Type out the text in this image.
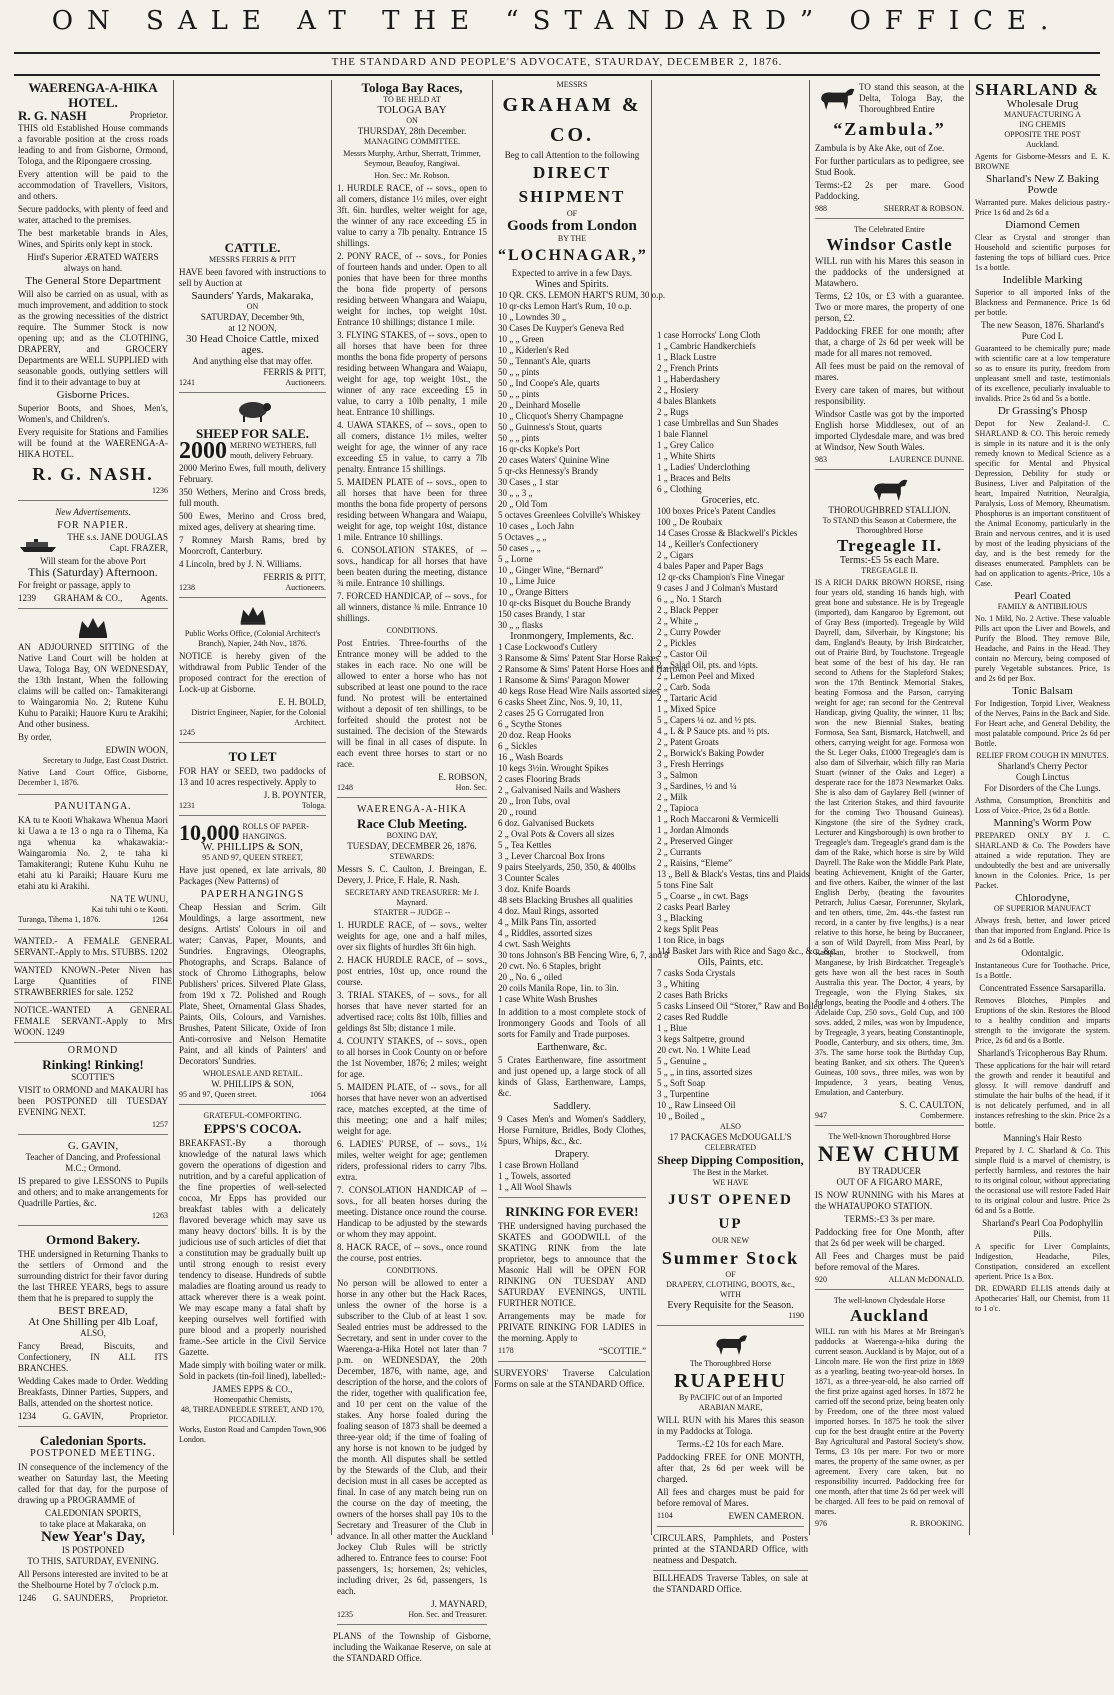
ON SALE AT THE “STANDARD” OFFICE.
THE STANDARD AND PEOPLE'S ADVOCATE, STAURDAY, DECEMBER 2, 1876.
WAERENGA-A-HIKA HOTEL.
R. G. NASH	Proprietor.
THIS old Established House commands a favorable position at the cross roads leading to and from Gisborne, Ormond, Tologa, and the Ripongaere crossing.
Every attention will be paid to the accommodation of Travellers, Visitors, and others.
Secure paddocks, with plenty of feed and water, attached to the premises.
The best marketable brands in Ales, Wines, and Spirits only kept in stock.
Hird's Superior ÆRATED WATERS always on hand.
The General Store Department
Will also be carried on as usual, with as much improvement, and addition to stock as the growing necessities of the district require. The Summer Stock is now opening up; and as the CLOTHING, DRAPERY, and GROCERY Departments are WELL SUPPLIED with seasonable goods, outlying settlers will find it to their advantage to buy at
Gisborne Prices.
Superior Boots, and Shoes, Men's, Women's, and Children's.
Every requisite for Stations and Families will be found at the WAERENGA-A-HIKA HOTEL.
R. G. NASH.
1236
New Advertisements.
FOR NAPIER.
THE s.s. JANE DOUGLAS
Capt. FRAZER,
Will steam for the above Port
This (Saturday) Afternoon.
For freight or passage, apply to
1239 GRAHAM & CO., Agents.
AN ADJOURNED SITTING of the Native Land Court will be holden at Uawa, Tologa Bay, ON WEDNESDAY, the 13th Instant, When the following claims will be called on:- Tamakiterangi to Waingaromia No. 2; Rutene Kuhu Kuhu to Paraiki; Hauore Kuru te Arakihi; And other business.
By order,
EDWIN WOON,
Secretary to Judge, East Coast District.
Native Land Court Office, Gisborne, December 1, 1876.
PANUITANGA.
KA tu te Kooti Whakawa Whenua Maori ki Uawa a te 13 o nga ra o Tihema, Ka nga whenua ka whakawakia:- Waingaromia No. 2, te taha ki Tamakiterangi; Rutene Kuhu Kuhu ne etahi atu ki Paraiki; Hauare Kuru me etahi atu ki Arakihi.
NA TE WUNU,
Kai tuhi tuhi o te Kooti.
Turanga, Tihema 1, 1876.	1264
WANTED.- A FEMALE GENERAL SERVANT.-Apply to Mrs. STUBBS. 1202
WANTED KNOWN.-Peter Niven has Large Quantities of FINE STRAWBERRIES for sale. 1252
NOTICE.-WANTED A GENERAL FEMALE SERVANT.-Apply to Mrs WOON. 1249
ORMOND
Rinking! Rinking!
SCOTTIE'S
VISIT to ORMOND and MAKAURI has been POSTPONED till TUESDAY EVENING NEXT.
1257
G. GAVIN,
Teacher of Dancing, and Professional M.C.; Ormond.
IS prepared to give LESSONS to Pupils and others; and to make arrangements for Quadrille Parties, &c.
1263
Ormond Bakery.
THE undersigned in Returning Thanks to the settlers of Ormond and the surrounding district for their favor during the last THREE YEARS, begs to assure them that he is prepared to supply the
BEST BREAD,
At One Shilling per 4lb Loaf,
ALSO,
Fancy Bread, Biscuits, and Confectionery, IN ALL ITS BRANCHES.
Wedding Cakes made to Order. Wedding Breakfasts, Dinner Parties, Suppers, and Balls, attended on the shortest notice.
1234	G. GAVIN,	Proprietor.
Caledonian Sports.
POSTPONED MEETING.
IN consequence of the inclemency of the weather on Saturday last, the Meeting called for that day, for the purpose of drawing up a PROGRAMME of
CALEDONIAN SPORTS,
to take place at Makaraka, on
New Year's Day,
IS POSTPONED
TO THIS, SATURDAY, EVENING.
All Persons interested are invited to be at the Shelbourne Hotel by 7 o'clock p.m.
1246 G. SAUNDERS, Proprietor.
CATTLE.
MESSRS FERRIS & PITT
HAVE been favored with instructions to sell by Auction at
Saunders' Yards, Makaraka,
ON
SATURDAY, December 9th,
at 12 NOON,
30 Head Choice Cattle, mixed ages.
And anything else that may offer.
FERRIS & PITT,
1241	Auctioneers.
SHEEP FOR SALE.
2000 MERINO WETHERS, full mouth, delivery February.
2000 Merino Ewes, full mouth, delivery February.
350 Wethers, Merino and Cross breds, full mouth.
500 Ewes, Merino and Cross bred, mixed ages, delivery at shearing time.
7 Romney Marsh Rams, bred by Moorcroft, Canterbury.
4 Lincoln, bred by J. N. Williams.
FERRIS & PITT,
1238	Auctioneers.
Public Works Office, (Colonial Architect's Branch), Napier, 24th Nov., 1876.
NOTICE is hereby given of the withdrawal from Public Tender of the proposed contract for the erection of Lock-up at Gisborne.
E. H. BOLD,
District Engineer, Napier, for the Colonial Architect.
1245
TO LET
FOR HAY or SEED, two paddocks of 13 and 10 acres respectively. Apply to
J. B. POYNTER,
1231	Tologa.
10,000 ROLLS OF PAPER-HANGINGS.
W. PHILLIPS & SON,
95 AND 97, QUEEN STREET,
Have just opened, ex late arrivals, 80 Packages (New Patterns) of
PAPERHANGINGS
Cheap Hessian and Scrim. Gilt Mouldings, a large assortment, new designs. Artists' Colours in oil and water; Canvas, Paper, Mounts, and Sundries. Engravings, Oleographs, Photographs, and Scraps. Balance of stock of Chromo Lithographs, below Publishers' prices. Silvered Plate Glass, from 19d x 72. Polished and Rough Plate, Sheet, Ornamental Glass Shades, Paints, Oils, Colours, and Varnishes. Brushes, Patent Silicate, Oxide of Iron Anti-corrosive and Nelson Hematite Paint, and all kinds of Painters' and Decorators' Sundries.
WHOLESALE AND RETAIL.
W. PHILLIPS & SON,
95 and 97, Queen street.	1064
GRATEFUL-COMFORTING.
EPPS'S COCOA.
BREAKFAST.-By a thorough knowledge of the natural laws which govern the operations of digestion and nutrition, and by a careful application of the fine properties of well-selected cocoa, Mr Epps has provided our breakfast tables with a delicately flavored beverage which may save us many heavy doctors' bills. It is by the judicious use of such articles of diet that a constitution may be gradually built up until strong enough to resist every tendency to disease. Hundreds of subtle maladies are floating around us ready to attack wherever there is a weak point. We may escape many a fatal shaft by keeping ourselves well fortified with pure blood and a properly nourished frame.-See article in the Civil Service Gazette.
Made simply with boiling water or milk. Sold in packets (tin-foil lined), labelled:-
JAMES EPPS & CO.,
Homeopathic Chemists,
48, THREADNEEDLE STREET, AND 170, PICCADILLY.
Works, Euston Road and Campden Town, London.
906
Tologa Bay Races,
TO BE HELD AT
TOLOGA BAY
ON
THURSDAY, 28th December.
MANAGING COMMITTEE.
Messrs Murphy, Arthur, Sherratt, Trimmer, Seymour, Beaufoy, Rangiwai.
Hon. Sec.: Mr. Robson.
1. HURDLE RACE, of -- sovs., open to all comers, distance 1½ miles, over eight 3ft. 6in. hurdles, welter weight for age, the winner of any race exceeding £5 in value to carry a 7lb penalty. Entrance 15 shillings.
2. PONY RACE, of -- sovs., for Ponies of fourteen hands and under. Open to all ponies that have been for three months the bona fide property of persons residing between Whangara and Waiapu, weight for inches, top weight 10st. Entrance 10 shillings; distance 1 mile.
3. FLYING STAKES, of -- sovs., open to all horses that have been for three months the bona fide property of persons residing between Whangara and Waiapu, weight for age, top weight 10st., the winner of any race exceeding £5 in value, to carry a 10lb penalty, 1 mile heat. Entrance 10 shillings.
4. UAWA STAKES, of -- sovs., open to all comers, distance 1½ miles, welter weight for age, the winner of any race exceeding £5 in value, to carry a 7lb penalty. Entrance 15 shillings.
5. MAIDEN PLATE of -- sovs., open to all horses that have been for three months the bona fide property of persons residing between Whangara and Waiapu, weight for age, top weight 10st, distance 1 mile. Entrance 10 shillings.
6. CONSOLATION STAKES, of -- sovs., handicap for all horses that have been beaten during the meeting, distance ¾ mile. Entrance 10 shillings.
7. FORCED HANDICAP, of -- sovs., for all winners, distance ¾ mile. Entrance 10 shillings.
CONDITIONS.
Post Entries. Three-fourths of the Entrance money will be added to the stakes in each race. No one will be allowed to enter a horse who has not subscribed at least one pound to the race fund. No protest will be entertained without a deposit of ten shillings, to be forfeited should the protest not be sustained. The decision of the Stewards will be final in all cases of dispute. In each event three horses to start or no race.
E. ROBSON,
1248	Hon. Sec.
WAERENGA-A-HIKA
Race Club Meeting.
BOXING DAY,
TUESDAY, DECEMBER 26, 1876.
STEWARDS:
Messrs S. C. Caulton, J. Breingan, E. Devery, J. Price, F. Hale, R. Nash.
SECRETARY AND TREASURER: Mr J. Maynard.
STARTER -- JUDGE --
1. HURDLE RACE, of -- sovs., welter weights for age, one and a half miles, over six flights of hurdles 3ft 6in high.
2. HACK HURDLE RACE, of -- sovs., post entries, 10st up, once round the course.
3. TRIAL STAKES, of -- sovs., for all horses that have never started for an advertised race; colts 8st 10lb, fillies and geldings 8st 5lb; distance 1 mile.
4. COUNTY STAKES, of -- sovs., open to all horses in Cook County on or before the 1st November, 1876; 2 miles; weight for age.
5. MAIDEN PLATE, of -- sovs., for all horses that have never won an advertised race, matches excepted, at the time of this meeting; one and a half miles; weight for age.
6. LADIES' PURSE, of -- sovs., 1¼ miles, welter weight for age; gentlemen riders, professional riders to carry 7lbs. extra.
7. CONSOLATION HANDICAP of -- sovs., for all beaten horses during the meeting. Distance once round the course. Handicap to be adjusted by the stewards or whom they may appoint.
8. HACK RACE, of -- sovs., once round the course, post entries.
CONDITIONS.
No person will be allowed to enter a horse in any other but the Hack Races, unless the owner of the horse is a subscriber to the Club of at least 1 sov. Sealed entries must be addressed to the Secretary, and sent in under cover to the Waerenga-a-Hika Hotel not later than 7 p.m. on WEDNESDAY, the 20th December, 1876, with name, age, and description of the horse, and the colors of the rider, together with qualification fee, and 10 per cent on the value of the stakes. Any horse foaled during the foaling season of 1873 shall be deemed a three-year old; if the time of foaling of any horse is not known to be judged by the month. All disputes shall be settled by the Stewards of the Club, and their decision must in all cases be accepted as final. In case of any match being run on the course on the day of meeting, the owners of the horses shall pay 10s to the Secretary and Treasurer of the Club in advance. In all other matter the Auckland Jockey Club Rules will be strictly adhered to. Entrance fees to course: Foot passengers, 1s; horsemen, 2s; vehicles, including driver, 2s 6d, passengers, 1s each.
J. MAYNARD,
1235	Hon. Sec. and Treasurer.
PLANS of the Township of Gisborne, including the Waikanae Reserve, on sale at the STANDARD Office.
MESSRS
GRAHAM & CO.
Beg to call Attention to the following
DIRECT SHIPMENT
OF
Goods from London
BY THE
“LOCHNAGAR,”
Expected to arrive in a few Days.
Wines and Spirits.
10 QR. CKS. LEMON HART'S RUM, 30 o.p.
10 qr-cks Lemon Hart's Rum, 10 o.p.
10 „ Lowndes 30 „
30 Cases De Kuyper's Geneva Red
10 „ „ Green
10 „ Kiderlen's Red
50 „ Tennant's Ale, quarts
50 „ „ pints
50 „ Ind Coope's Ale, quarts
50 „ „ pints
20 „ Deinhard Moselle
10 „ Clicquot's Sherry Champagne
50 „ Guinness's Stout, quarts
50 „ „ pints
16 qr-cks Kopke's Port
20 cases Waters' Quinine Wine
5 qr-cks Hennessy's Brandy
30 Cases „ 1 star
30 „ „ 3 „
20 „ Old Tom
5 octaves Greenlees Colville's Whiskey
10 cases „ Loch Jahn
5 Octaves „ „
50 cases „ „
5 „ Lorne
10 „ Ginger Wine, “Bernard”
10 „ Lime Juice
10 „ Orange Bitters
10 qr-cks Bisquet du Bouche Brandy
150 cases Brandy, 1 star
30 „ „ flasks
Ironmongery, Implements, &c.
1 Case Lockwood's Cutlery
3 Ransome & Sims' Patent Star Horse Rakes
2 Ransome & Sims' Patent Horse Hoes and Harrows
1 Ransome & Sims' Paragon Mower
40 kegs Rose Head Wire Nails assorted sizes
6 casks Sheet Zinc, Nos. 9, 10, 11,
2 cases 25 G Corrugated Iron
6 „ Scythe Stones
20 doz. Reap Hooks
6 „ Sickles
16 „ Wash Boards
10 kegs 3½in. Wrought Spikes
2 cases Flooring Brads
2 „ Galvanised Nails and Washers
20 „ Iron Tubs, oval
20 „ round
6 doz. Galvanised Buckets
2 „ Oval Pots & Covers all sizes
5 „ Tea Kettles
3 „ Lever Charcoal Box Irons
9 pairs Steelyards, 250, 350, & 400lbs
3 Counter Scales
3 doz. Knife Boards
48 sets Blacking Brushes all qualities
4 doz. Maul Rings, assorted
4 „ Milk Pans Tin, assorted
4 „ Riddles, assorted sizes
4 cwt. Sash Weights
30 tons Johnson's BB Fencing Wire, 6, 7, and 8
20 cwt. No. 6 Staples, bright
20 „ No. 6 „ oiled
20 coils Manila Rope, 1in. to 3in.
1 case White Wash Brushes
In addition to a most complete stock of Ironmongery Goods and Tools of all sorts for Family and Trade purposes.
Earthenware, &c.
5 Crates Earthenware, fine assortment and just opened up, a large stock of all kinds of Glass, Earthenware, Lamps, &c.
Saddlery.
9 Cases Men's and Women's Saddlery, Horse Furniture, Bridles, Body Clothes, Spurs, Whips, &c., &c.
Drapery.
1 case Brown Holland
1 „ Towels, assorted
1 „ All Wool Shawls
RINKING FOR EVER!
THE undersigned having purchased the SKATES and GOODWILL of the SKATING RINK from the late proprietor, begs to announce that the Masonic Hall will be OPEN FOR RINKING ON TUESDAY AND SATURDAY EVENINGS, UNTIL FURTHER NOTICE.
Arrangements may be made for PRIVATE RINKING FOR LADIES in the morning. Apply to
1178	“SCOTTIE.”
SURVEYORS' Traverse Calculation Forms on sale at the STANDARD Office.
1 case Horrocks' Long Cloth
1 „ Cambric Handkerchiefs
1 „ Black Lustre
2 „ French Prints
1 „ Haberdashery
2 „ Hosiery
4 bales Blankets
2 „ Rugs
1 case Umbrellas and Sun Shades
1 bale Flannel
1 „ Grey Calico
1 „ White Shirts
1 „ Ladies' Underclothing
1 „ Braces and Belts
6 „ Clothing
Groceries, etc.
100 boxes Price's Patent Candles
100 „ De Roubaix
14 Cases Crosse & Blackwell's Pickles
14 „ Keiller's Confectionery
2 „ Cigars
4 bales Paper and Paper Bags
12 qr-cks Champion's Fine Vinegar
9 cases J and J Colman's Mustard
6 „ „ No. 1 Starch
2 „ Black Pepper
2 „ White „
2 „ Curry Powder
2 „ Pickles
2 „ Castor Oil
2 „ Salad Oil, pts. and ½pts.
2 „ Lemon Peel and Mixed
2 „ Carb. Soda
2 „ Tartaric Acid
1 „ Mixed Spice
5 „ Capers ¼ oz. and ½ pts.
4 „ L & P Sauce pts. and ½ pts.
2 „ Patent Groats
2 „ Borwick's Baking Powder
3 „ Fresh Herrings
3 „ Salmon
3 „ Sardines, ½ and ¼
2 „ Milk
2 „ Tapioca
1 „ Roch Maccaroni & Vermicelli
1 „ Jordan Almonds
2 „ Preserved Ginger
2 „ Currants
2 „ Raisins, “Eleme”
13 „ Bell & Black's Vestas, tins and Plaids
5 tons Fine Salt
5 „ Coarse „ in cwt. Bags
2 casks Pearl Barley
3 „ Blacking
2 kegs Split Peas
1 ton Rice, in bags
114 Basket Jars with Rice and Sago &c., &c., &c.
Oils, Paints, etc.
7 casks Soda Crystals
3 „ Whiting
2 cases Bath Bricks
5 casks Linseed Oil “Storer,” Raw and Boiled
2 cases Red Ruddle
1 „ Blue
3 kegs Saltpetre, ground
20 cwt. No. 1 White Lead
5 „ Genuine „
5 „ „ in tins, assorted sizes
5 „ Soft Soap
3 „ Turpentine
10 „ Raw Linseed Oil
10 „ Boiled „
ALSO
17 PACKAGES McDOUGALL'S
CELEBRATED
Sheep Dipping Composition,
The Best in the Market.
WE HAVE
JUST OPENED UP
OUR NEW
Summer Stock
OF
DRAPERY, CLOTHING, BOOTS, &c.,
WITH
Every Requisite for the Season.
1190
The Thoroughbred Horse
RUAPEHU
By PACIFIC out of an Imported
ARABIAN MARE,
WILL RUN with his Mares this season in my Paddocks at Tologa.
Terms.-£2 10s for each Mare.
Paddocking FREE for ONE MONTH, after that, 2s 6d per week will be charged.
All fees and charges must be paid for before removal of Mares.
1104	EWEN CAMERON.
CIRCULARS, Pamphlets, and Posters printed at the STANDARD Office, with neatness and Despatch.
BILLHEADS Traverse Tables, on sale at the STANDARD Office.
TO stand this season, at the Delta, Tologa Bay, the Thoroughbred Entire
“Zambula.”
Zambula is by Ake Ake, out of Zoe.
For further particulars as to pedigree, see Stud Book.
Terms:-£2 2s per mare. Good Paddocking.
988	SHERRAT & ROBSON.
The Celebrated Entire
Windsor Castle
WILL run with his Mares this season in the paddocks of the undersigned at Matawhero.
Terms, £2 10s, or £3 with a guarantee. Two or more mares, the property of one person, £2.
Paddocking FREE for one month; after that, a charge of 2s 6d per week will be made for all mares not removed.
All fees must be paid on the removal of mares.
Every care taken of mares, but without responsibility.
Windsor Castle was got by the imported English horse Middlesex, out of an imported Clydesdale mare, and was bred at Windsor, New South Wales.
983	LAURENCE DUNNE.
THOROUGHBRED STALLION.
To STAND this Season at Cobermere, the Thoroughbred Horse
Tregeagle II.
Terms:-£5 5s each Mare.
TREGEAGLE II.
IS A RICH DARK BROWN HORSE, rising four years old, standing 16 hands high, with great bone and substance. He is by Tregeagle (imported), dam Kangaroo by Egremont, out of Gray Bess (imported). Tregeagle by Wild Dayrell, dam, Silverhair, by Kingstone; his dam, England's Beauty, by Irish Birdcatcher, out of Prairie Bird, by Touchstone. Tregeagle beat some of the best of his day. He ran second to Athens for the Stapleford Stakes; won the 17th Bentinck Memorial Stakes, beating Formosa and the Parson, carrying weight for age; ran second for the Centreval Handicap, giving Quality, the winner, 11 lbs; won the new Biennial Stakes, beating Formosa, Sea Sant, Bismarck, Hatchwell, and others, carrying weight for age. Formosa won the St. Leger Oaks, £1000 Tregeagle's dam is also dam of Silverhair, which filly ran Maria Stuart (winner of the Oaks and Leger) a desperate race for the 1873 Newmarket Oaks. She is also dam of Gaylarey Bell (winner of the last Criterion Stakes, and third favourite for the coming Two Thousand Guineas). Kingstone (the sire of the Sydney crack, Lecturer and Kingsborough) is own brother to Tregeagle's dam. Tregeagle's grand dam is the dam of the Rake, which horse is sire by Wild Dayrell. The Rake won the Middle Park Plate, beating Achievement, Knight of the Garter, and five others. Kaiber, the winner of the last English Derby, (beating the favourites Petrarch, Julius Caesar, Forerunner, Skylark, and ten others, time, 2m. 44s.-the fastest run record, in a canter by five lengths,) is a near relative to this horse, he being by Buccaneer, a son of Wild Dayrell, from Miss Pearl, by Rataplan, brother to Stockwell, from Manganese, by Irish Birdcatcher. Tregeagle's gets have won all the best races in South Australia this year. The Doctor, 4 years, by Tregeagle, won the Flying Stakes, six furlongs, beating the Poodle and 4 others. The Adelaide Cup, 250 sovs., Gold Cup, and 100 sovs. added, 2 miles, was won by Impudence, by Tregeagle, 3 years, beating Constantinople, Poodle, Canterbury, and six others, time, 3m. 37s. The same horse took the Birthday Cup, beating Banker, and six others. The Queen's Guineas, 100 sovs., three miles, was won by Impudence, 3 years, beating Venus, Emulation, and Canterbury.
S. C. CAULTON,
947	Combermere.
The Well-known Thoroughbred Horse
NEW CHUM
BY TRADUCER
OUT OF A FIGARO MARE,
IS NOW RUNNING with his Mares at the WHATAUPOKO STATION.
TERMS:-£3 3s per mare.
Paddocking free for One Month, after that 2s 6d per week will be charged.
All Fees and Charges must be paid before removal of the Mares.
920	ALLAN McDONALD.
The well-known Clydesdale Horse
Auckland
WILL run with his Mares at Mr Breingan's paddocks at Waerenga-a-hika during the current season. Auckland is by Major, out of a Lincoln mare. He won the first prize in 1869 as a yearling, beating two-year-old horses. In 1871, as a three-year-old, he also carried off the first prize against aged horses. In 1872 he carried off the second prize, being beaten only by Freedom, one of the three most valued imported horses. In 1875 he took the silver cup for the best draught entire at the Poverty Bay Agricultural and Pastoral Society's show. Terms, £3 10s per mare. For two or more mares, the property of the same owner, as per agreement. Every care taken, but no responsibility incurred. Paddocking free for one month, after that time 2s 6d per week will be charged. All fees to be paid on removal of mares.
976	R. BROOKING.
SHARLAND &
Wholesale Drug
MANUFACTURING A
ING CHEMIS
OPPOSITE THE POST
Auckland.
Agents for Gisborne-Messrs and E. K. BROWNE
Sharland's New Z Baking Powde
Warranted pure. Makes delicious pastry.-Price 1s 6d and 2s 6d a
Diamond Cemen
Clear as Crystal and stronger than Household and scientific purposes for fastening the tops of billiard cues. Price 1s a bottle.
Indelible Marking
Superior to all imported Inks of the Blackness and Permanence. Price 1s 6d per bottle.
The new Season, 1876. Sharland's Pure Cod L
Guaranteed to be chemically pure; made with scientific care at a low temperature so as to ensure its purity, freedom from unpleasant smell and taste, testimonials of its excellence, peculiarly invaluable to invalids. Price 2s 6d and 5s a bottle.
Dr Grassing's Phosp
Depot for New Zealand-J. C. SHARLAND & CO. This heroic remedy is simple in its nature and it is the only remedy known to Medical Science as a specific for Mental and Physical Depression, Debility for study or Business, Liver and Palpitation of the heart, Impaired Nutrition, Neuralgia, Paralysis, Loss of Memory, Rheumatism. Phosphorus is an important constituent of the Animal Economy, particularly in the Brain and nervous centres, and it is used by most of the leading physicians of the day, and is the best remedy for the diseases enumerated. Pamphlets can be had on application to agents.-Price, 10s a Case.
Pearl Coated
FAMILY & ANTIBILIOUS
No. 1 Mild, No. 2 Active. These valuable Pills act upon the Liver and Bowels, and Purify the Blood. They remove Bile, Headache, and Pains in the Head. They contain no Mercury, being composed of purely Vegetable substances. Price, 1s and 2s 6d per Box.
Tonic Balsam
For Indigestion, Torpid Liver, Weakness of the Nerves, Pains in the Back and Side. For Heart ache, and General Debility, the most palatable compound. Price 2s 6d per Bottle.
RELIEF FROM COUGH IN MINUTES.
Sharland's Cherry Pector
Cough Linctus
For Disorders of the Che Lungs.
Asthma, Consumption, Bronchitis and Loss of Voice.-Price, 2s 6d a Bottle.
Manning's Worm Pow
PREPARED ONLY BY J. C. SHARLAND & Co. The Powders have attained a wide reputation. They are undoubtedly the best and are universally known in the Colonies. Price, 1s per Packet.
Chlorodyne,
OF SUPERIOR MANUFACT
Always fresh, better, and lower priced than that imported from England. Price 1s and 2s 6d a Bottle.
Odontalgic.
Instantaneous Cure for Toothache. Price, 1s a Bottle.
Concentrated Essence Sarsaparilla.
Removes Blotches, Pimples and Eruptions of the skin. Restores the Blood to a healthy condition and imparts strength to the invigorate the system. Price, 2s 6d and 6s a Bottle.
Sharland's Tricopherous Bay Rhum.
These applications for the hair will retard the growth and render it beautiful and glossy. It will remove dandruff and stimulate the hair bulbs of the head, if it is not delicately perfumed, and in all instances refreshing to the skin. Price 2s a bottle.
Manning's Hair Resto
Prepared by J. C. Sharland & Co. This simple fluid is a marvel of chemistry, is perfectly harmless, and restores the hair to its original colour, without appreciating the occasional use will restore Faded Hair to its original colour and lustre. Price 2s 6d and 5s a Bottle.
Sharland's Pearl Coa Podophyllin Pills.
A specific for Liver Complaints, Indigestion, Headache, Piles, Constipation, considered an excellent aperient. Price 1s a Box.
DR. EDWARD ELLIS attends daily at Apothecaries' Hall, our Chemist, from 11 to 1 o'c.
